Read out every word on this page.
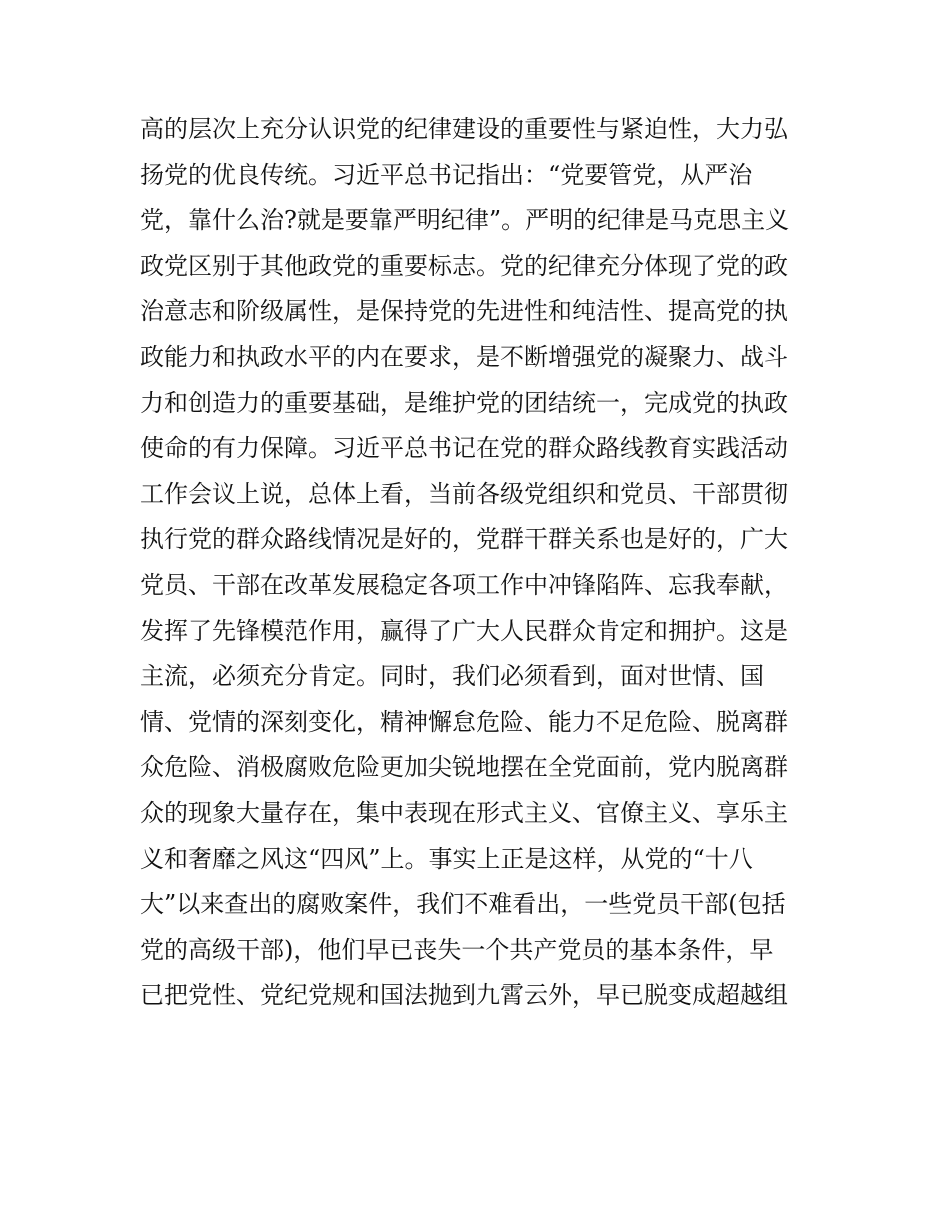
高的层次上充分认识党的纪律建设的重要性与紧迫性，大力弘
扬党的优良传统。习近平总书记指出：“党要管党，从严治
党，靠什么治?就是要靠严明纪律”。严明的纪律是马克思主义
政党区别于其他政党的重要标志。党的纪律充分体现了党的政
治意志和阶级属性，是保持党的先进性和纯洁性、提高党的执
政能力和执政水平的内在要求，是不断增强党的凝聚力、战斗
力和创造力的重要基础，是维护党的团结统一，完成党的执政
使命的有力保障。习近平总书记在党的群众路线教育实践活动
工作会议上说，总体上看，当前各级党组织和党员、干部贯彻
执行党的群众路线情况是好的，党群干群关系也是好的，广大
党员、干部在改革发展稳定各项工作中冲锋陷阵、忘我奉献，
发挥了先锋模范作用，赢得了广大人民群众肯定和拥护。这是
主流，必须充分肯定。同时，我们必须看到，面对世情、国
情、党情的深刻变化，精神懈怠危险、能力不足危险、脱离群
众危险、消极腐败危险更加尖锐地摆在全党面前，党内脱离群
众的现象大量存在，集中表现在形式主义、官僚主义、享乐主
义和奢靡之风这“四风”上。事实上正是这样，从党的“十八
大”以来查出的腐败案件，我们不难看出，一些党员干部(包括
党的高级干部)，他们早已丧失一个共产党员的基本条件，早
已把党性、党纪党规和国法抛到九霄云外，早已脱变成超越组
